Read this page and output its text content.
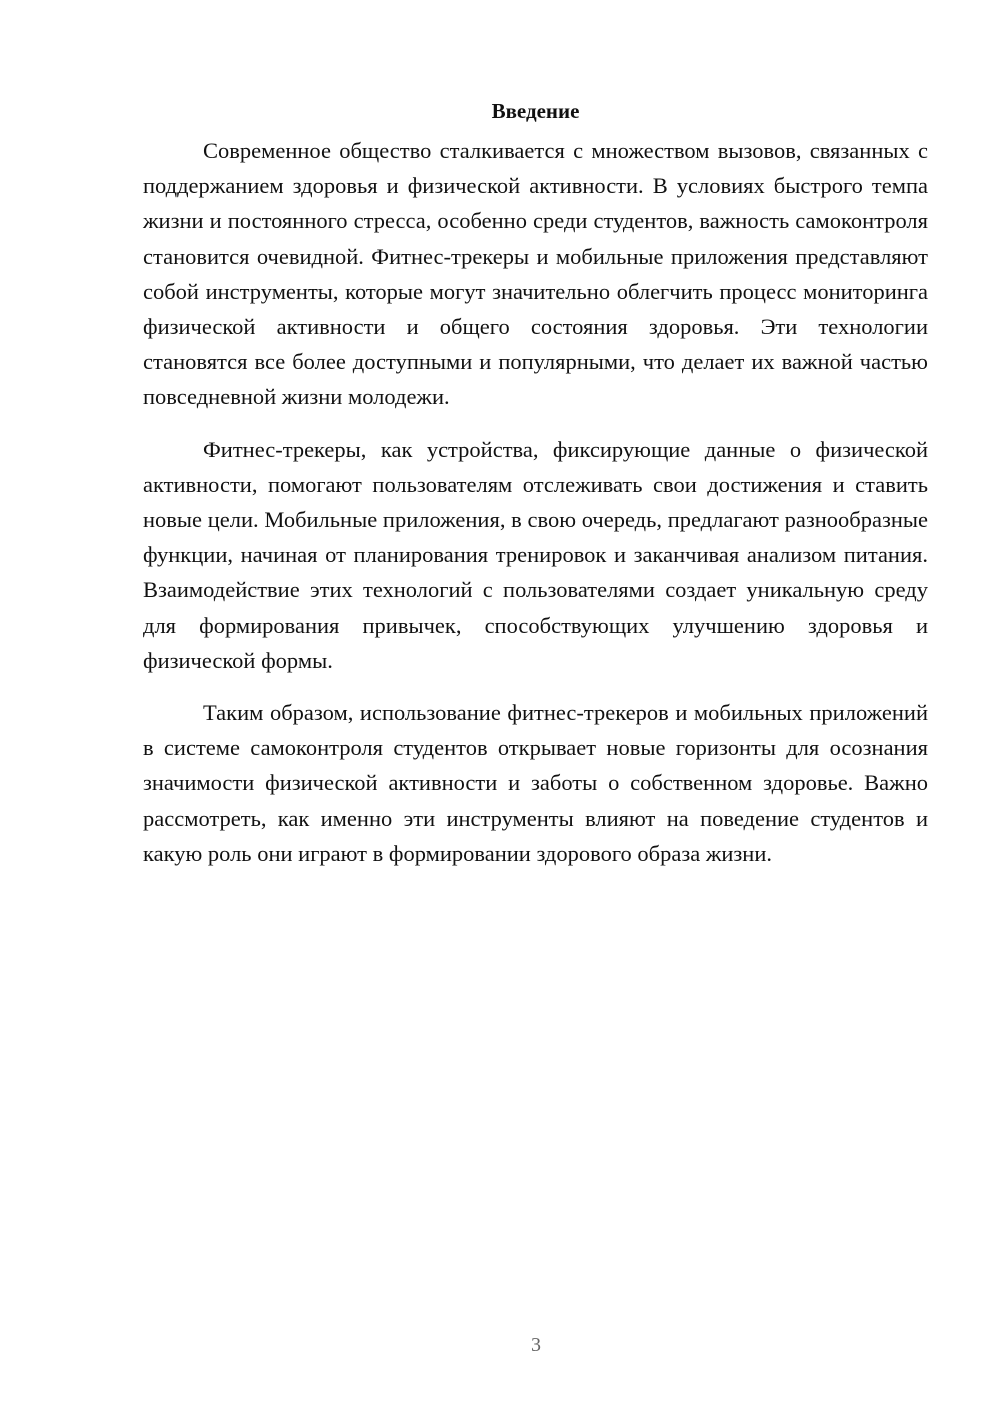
Введение

Современное общество сталкивается с множеством вызовов, связанных с поддержанием здоровья и физической активности. В условиях быстрого темпа жизни и постоянного стресса, особенно среди студентов, важность самоконтроля становится очевидной. Фитнес-трекеры и мобильные приложения представляют собой инструменты, которые могут значительно облегчить процесс мониторинга физической активности и общего состояния здоровья. Эти технологии становятся все более доступными и популярными, что делает их важной частью повседневной жизни молодежи.

Фитнес-трекеры, как устройства, фиксирующие данные о физической активности, помогают пользователям отслеживать свои достижения и ставить новые цели. Мобильные приложения, в свою очередь, предлагают разнообразные функции, начиная от планирования тренировок и заканчивая анализом питания. Взаимодействие этих технологий с пользователями создает уникальную среду для формирования привычек, способствующих улучшению здоровья и физической формы.

Таким образом, использование фитнес-трекеров и мобильных приложений в системе самоконтроля студентов открывает новые горизонты для осознания значимости физической активности и заботы о собственном здоровье. Важно рассмотреть, как именно эти инструменты влияют на поведение студентов и какую роль они играют в формировании здорового образа жизни.

3
